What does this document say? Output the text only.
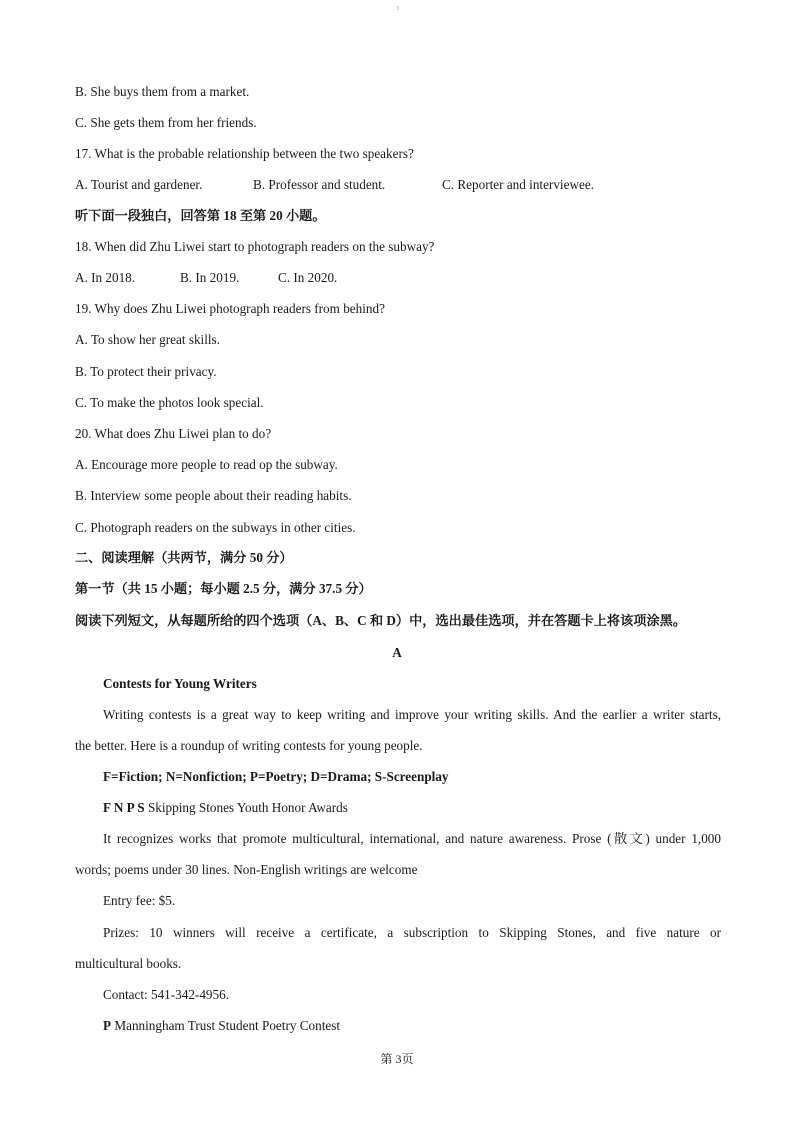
3
B. She buys them from a market.
C. She gets them from her friends.
17. What is the probable relationship between the two speakers?
A. Tourist and gardener.	B. Professor and student.	C. Reporter and interviewee.
听下面一段独白，回答第 18 至第 20 小题。
18. When did Zhu Liwei start to photograph readers on the subway?
A. In 2018.	B. In 2019.	C. In 2020.
19. Why does Zhu Liwei photograph readers from behind?
A. To show her great skills.
B. To protect their privacy.
C. To make the photos look special.
20. What does Zhu Liwei plan to do?
A. Encourage more people to read op the subway.
B. Interview some people about their reading habits.
C. Photograph readers on the subways in other cities.
二、阅读理解（共两节，满分 50 分）
第一节（共 15 小题；每小题 2.5 分，满分 37.5 分）
阅读下列短文，从每题所给的四个选项（A、B、C 和 D）中，选出最佳选项，并在答题卡上将该项涂黑。
A
Contests for Young Writers
Writing contests is a great way to keep writing and improve your writing skills. And the earlier a writer starts,
the better. Here is a roundup of writing contests for young people.
F=Fiction; N=Nonfiction; P=Poetry; D=Drama; S-Screenplay
F N P S Skipping Stones Youth Honor Awards
It recognizes works that promote multicultural, international, and nature awareness. Prose (散文) under 1,000
words; poems under 30 lines. Non-English writings are welcome
Entry fee: $5.
Prizes: 10 winners will receive a certificate, a subscription to Skipping Stones, and five nature or
multicultural books.
Contact: 541-342-4956.
P Manningham Trust Student Poetry Contest
第 3页
